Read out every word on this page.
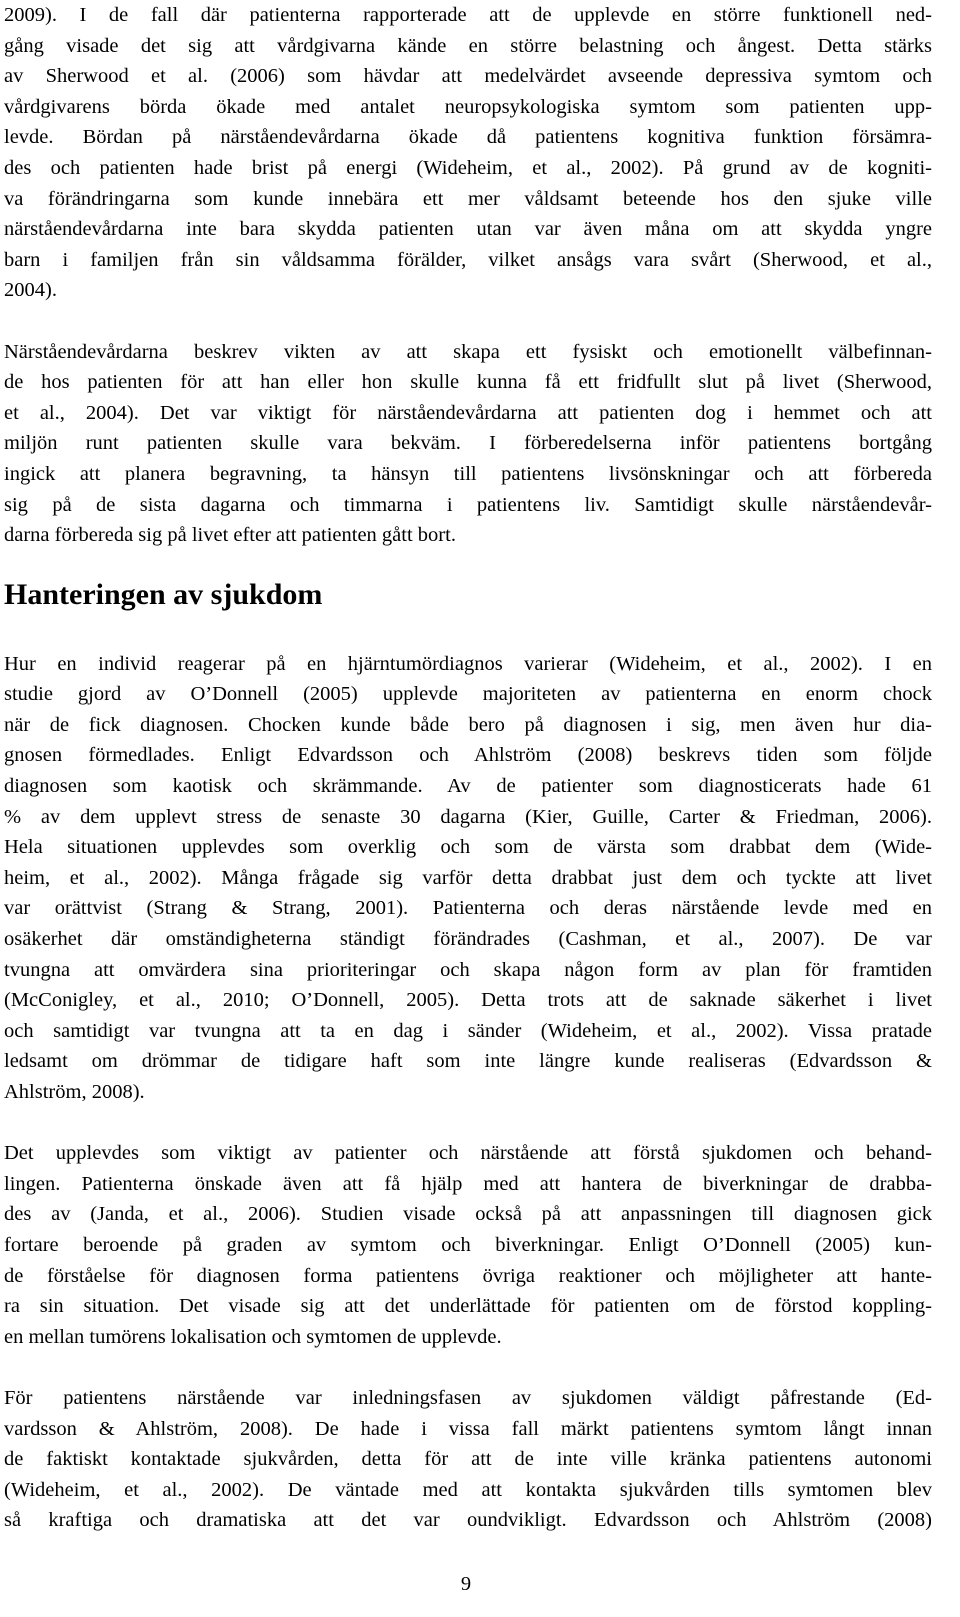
2009). I de fall där patienterna rapporterade att de upplevde en större funktionell ned-
gång visade det sig att vårdgivarna kände en större belastning och ångest. Detta stärks
av Sherwood et al. (2006) som hävdar att medelvärdet avseende depressiva symtom och
vårdgivarens börda ökade med antalet neuropsykologiska symtom som patienten upp-
levde. Bördan på närståendevårdarna ökade då patientens kognitiva funktion försämra-
des och patienten hade brist på energi (Wideheim, et al., 2002). På grund av de kogniti-
va förändringarna som kunde innebära ett mer våldsamt beteende hos den sjuke ville
närståendevårdarna inte bara skydda patienten utan var även måna om att skydda yngre
barn i familjen från sin våldsamma förälder, vilket ansågs vara svårt (Sherwood, et al.,
2004).
Närståendevårdarna beskrev vikten av att skapa ett fysiskt och emotionellt välbefinnan-
de hos patienten för att han eller hon skulle kunna få ett fridfullt slut på livet (Sherwood,
et al., 2004). Det var viktigt för närståendevårdarna att patienten dog i hemmet och att
miljön runt patienten skulle vara bekväm. I förberedelserna inför patientens bortgång
ingick att planera begravning, ta hänsyn till patientens livsönskningar och att förbereda
sig på de sista dagarna och timmarna i patientens liv. Samtidigt skulle närståendevår-
darna förbereda sig på livet efter att patienten gått bort.
Hanteringen av sjukdom
Hur en individ reagerar på en hjärntumördiagnos varierar (Wideheim, et al., 2002). I en
studie gjord av O’Donnell (2005) upplevde majoriteten av patienterna en enorm chock
när de fick diagnosen. Chocken kunde både bero på diagnosen i sig, men även hur dia-
gnosen förmedlades. Enligt Edvardsson och Ahlström (2008) beskrevs tiden som följde
diagnosen som kaotisk och skrämmande. Av de patienter som diagnosticerats hade 61
% av dem upplevt stress de senaste 30 dagarna (Kier, Guille, Carter & Friedman, 2006).
Hela situationen upplevdes som overklig och som de värsta som drabbat dem (Wide-
heim, et al., 2002). Många frågade sig varför detta drabbat just dem och tyckte att livet
var orättvist (Strang & Strang, 2001). Patienterna och deras närstående levde med en
osäkerhet där omständigheterna ständigt förändrades (Cashman, et al., 2007). De var
tvungna att omvärdera sina prioriteringar och skapa någon form av plan för framtiden
(McConigley, et al., 2010; O’Donnell, 2005). Detta trots att de saknade säkerhet i livet
och samtidigt var tvungna att ta en dag i sänder (Wideheim, et al., 2002). Vissa pratade
ledsamt om drömmar de tidigare haft som inte längre kunde realiseras (Edvardsson &
Ahlström, 2008).
Det upplevdes som viktigt av patienter och närstående att förstå sjukdomen och behand-
lingen. Patienterna önskade även att få hjälp med att hantera de biverkningar de drabba-
des av (Janda, et al., 2006). Studien visade också på att anpassningen till diagnosen gick
fortare beroende på graden av symtom och biverkningar. Enligt O’Donnell (2005) kun-
de förståelse för diagnosen forma patientens övriga reaktioner och möjligheter att hante-
ra sin situation. Det visade sig att det underlättade för patienten om de förstod koppling-
en mellan tumörens lokalisation och symtomen de upplevde.
För patientens närstående var inledningsfasen av sjukdomen väldigt påfrestande (Ed-
vardsson & Ahlström, 2008). De hade i vissa fall märkt patientens symtom långt innan
de faktiskt kontaktade sjukvården, detta för att de inte ville kränka patientens autonomi
(Wideheim, et al., 2002). De väntade med att kontakta sjukvården tills symtomen blev
så kraftiga och dramatiska att det var oundvikligt. Edvardsson och Ahlström (2008)
9
